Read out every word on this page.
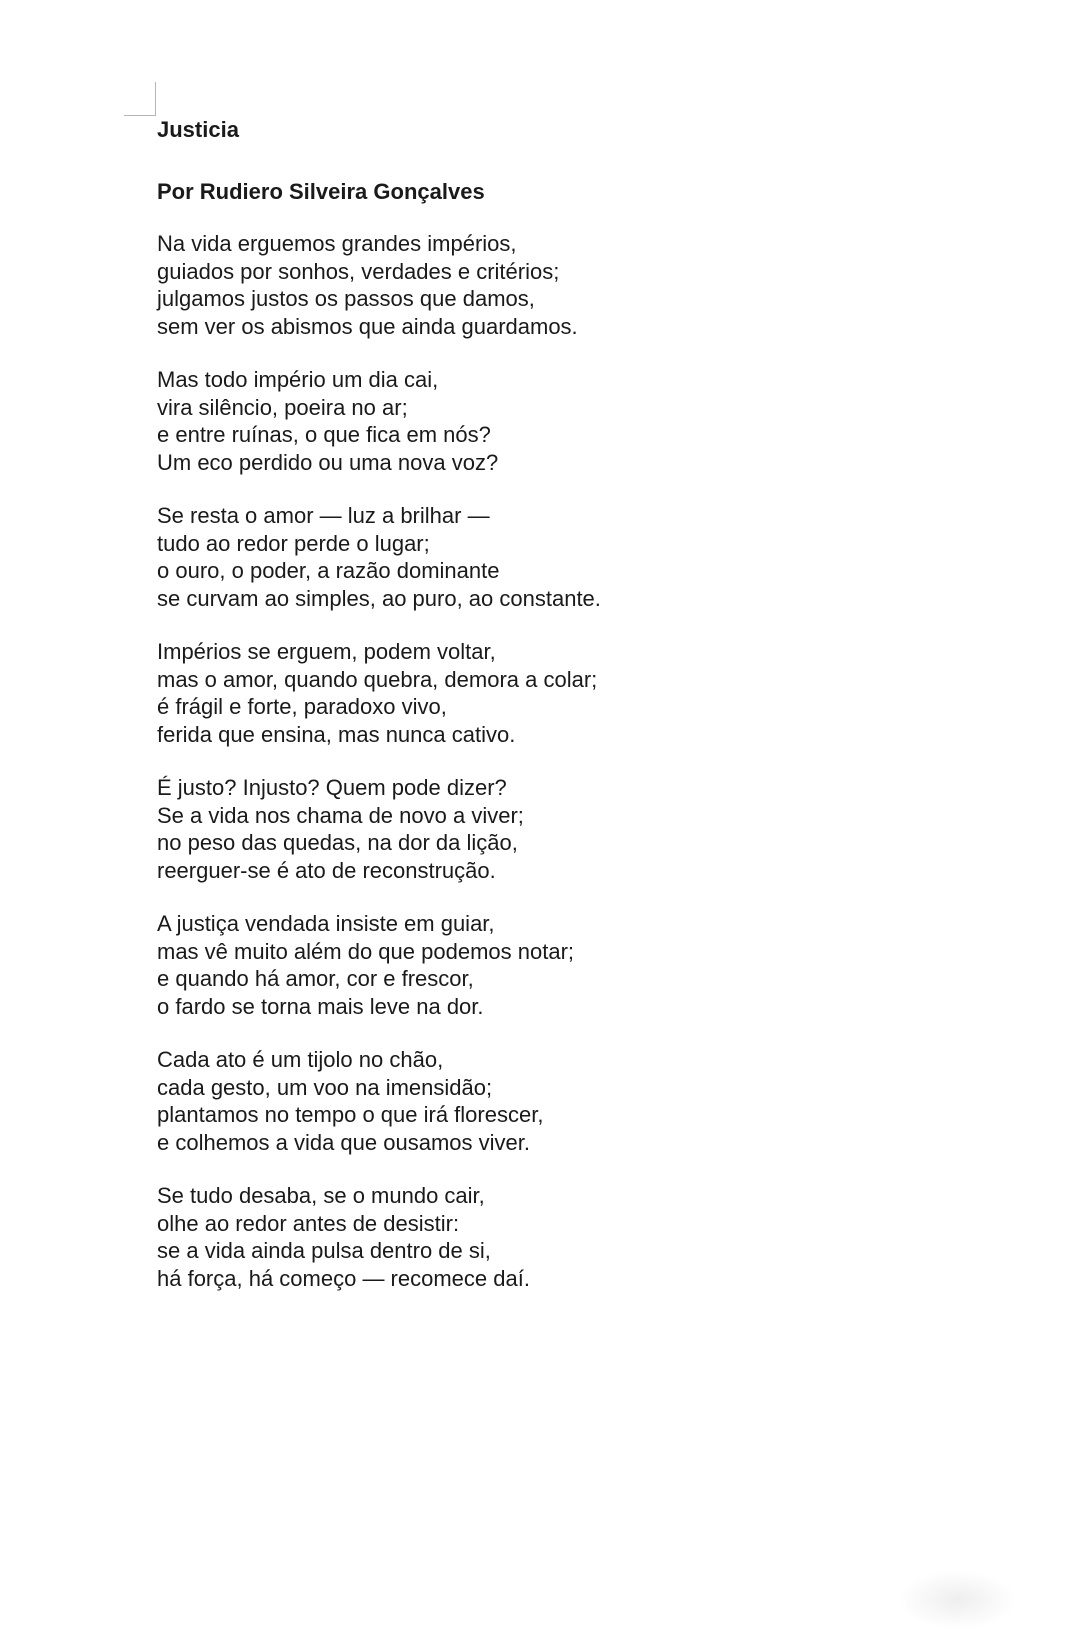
Justicia

Por Rudiero Silveira Gonçalves

Na vida erguemos grandes impérios,
guiados por sonhos, verdades e critérios;
julgamos justos os passos que damos,
sem ver os abismos que ainda guardamos.
Mas todo império um dia cai,
vira silêncio, poeira no ar;
e entre ruínas, o que fica em nós?
Um eco perdido ou uma nova voz?
Se resta o amor — luz a brilhar —
tudo ao redor perde o lugar;
o ouro, o poder, a razão dominante
se curvam ao simples, ao puro, ao constante.
Impérios se erguem, podem voltar,
mas o amor, quando quebra, demora a colar;
é frágil e forte, paradoxo vivo,
ferida que ensina, mas nunca cativo.
É justo? Injusto? Quem pode dizer?
Se a vida nos chama de novo a viver;
no peso das quedas, na dor da lição,
reerguer-se é ato de reconstrução.
A justiça vendada insiste em guiar,
mas vê muito além do que podemos notar;
e quando há amor, cor e frescor,
o fardo se torna mais leve na dor.
Cada ato é um tijolo no chão,
cada gesto, um voo na imensidão;
plantamos no tempo o que irá florescer,
e colhemos a vida que ousamos viver.
Se tudo desaba, se o mundo cair,
olhe ao redor antes de desistir:
se a vida ainda pulsa dentro de si,
há força, há começo — recomece daí.
